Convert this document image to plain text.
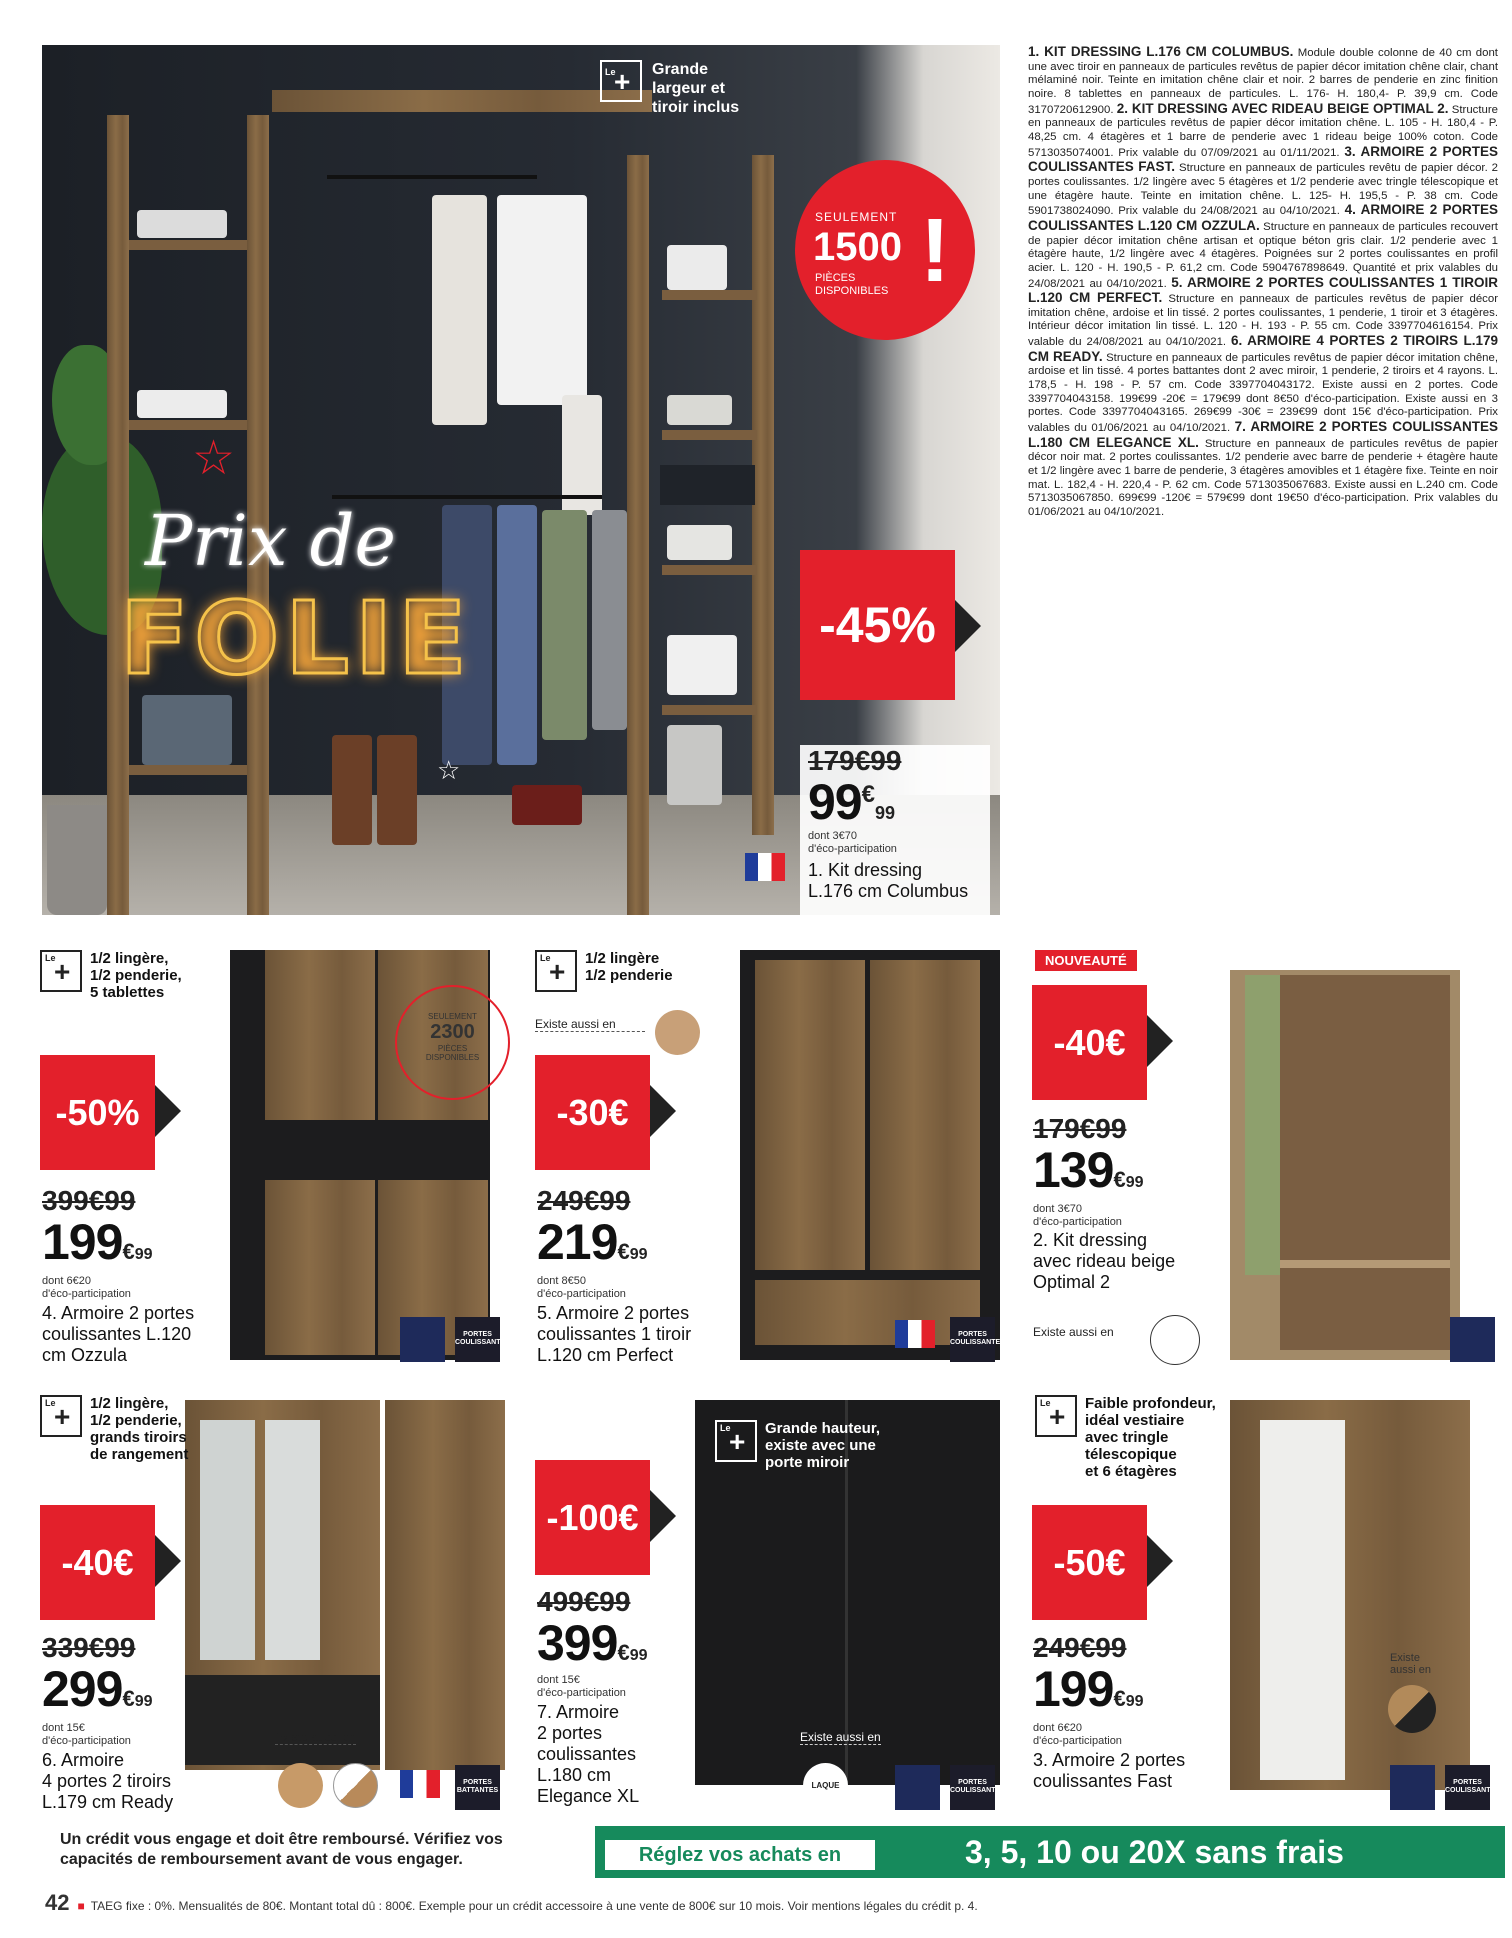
☆
☆
Prix de
FOLIE
Le
+ Grande
largeur et
tiroir inclus
SEULEMENT
1500
PIÈCES
DISPONIBLES !
-45%
179€99
99€99
dont 3€70
d'éco-participation
1. Kit dressing
L.176 cm Columbus
1. KIT DRESSING L.176 CM COLUMBUS. Module double colonne de 40 cm dont une avec tiroir en panneaux de particules revêtus de papier décor imitation chêne clair, chant mélaminé noir. Teinte en imitation chêne clair et noir. 2 barres de penderie en zinc finition noire. 8 tablettes en panneaux de particules. L. 176- H. 180,4- P. 39,9 cm. Code 3170720612900. 2. KIT DRESSING AVEC RIDEAU BEIGE OPTIMAL 2. Structure en panneaux de particules revêtus de papier décor imitation chêne. L. 105 - H. 180,4 - P. 48,25 cm. 4 étagères et 1 barre de penderie avec 1 rideau beige 100% coton. Code 5713035074001. Prix valable du 07/09/2021 au 01/11/2021. 3. ARMOIRE 2 PORTES COULISSANTES FAST. Structure en panneaux de particules revêtu de papier décor. 2 portes coulissantes. 1/2 lingère avec 5 étagères et 1/2 penderie avec tringle télescopique et une étagère haute. Teinte en imitation chêne. L. 125- H. 195,5 - P. 38 cm. Code 5901738024090. Prix valable du 24/08/2021 au 04/10/2021. 4. ARMOIRE 2 PORTES COULISSANTES L.120 CM OZZULA. Structure en panneaux de particules recouvert de papier décor imitation chêne artisan et optique béton gris clair. 1/2 penderie avec 1 étagère haute, 1/2 lingère avec 4 étagères. Poignées sur 2 portes coulissantes en profil acier. L. 120 - H. 190,5 - P. 61,2 cm. Code 5904767898649. Quantité et prix valables du 24/08/2021 au 04/10/2021. 5. ARMOIRE 2 PORTES COULISSANTES 1 TIROIR L.120 CM PERFECT. Structure en panneaux de particules revêtus de papier décor imitation chêne, ardoise et lin tissé. 2 portes coulissantes, 1 penderie, 1 tiroir et 3 étagères. Intérieur décor imitation lin tissé. L. 120 - H. 193 - P. 55 cm. Code 3397704616154. Prix valable du 24/08/2021 au 04/10/2021. 6. ARMOIRE 4 PORTES 2 TIROIRS L.179 CM READY. Structure en panneaux de particules revêtus de papier décor imitation chêne, ardoise et lin tissé. 4 portes battantes dont 2 avec miroir, 1 penderie, 2 tiroirs et 4 rayons. L. 178,5 - H. 198 - P. 57 cm. Code 3397704043172. Existe aussi en 2 portes. Code 3397704043158. 199€99 -20€ = 179€99 dont 8€50 d'éco-participation. Existe aussi en 3 portes. Code 3397704043165. 269€99 -30€ = 239€99 dont 15€ d'éco-participation. Prix valables du 01/06/2021 au 04/10/2021. 7. ARMOIRE 2 PORTES COULISSANTES L.180 CM ELEGANCE XL. Structure en panneaux de particules revêtus de papier décor noir mat. 2 portes coulissantes. 1/2 penderie avec barre de penderie + étagère haute et 1/2 lingère avec 1 barre de penderie, 3 étagères amovibles et 1 étagère fixe. Teinte en noir mat. L. 182,4 - H. 220,4 - P. 62 cm. Code 5713035067683. Existe aussi en L.240 cm. Code 5713035067850. 699€99 -120€ = 579€99 dont 19€50 d'éco-participation. Prix valables du 01/06/2021 au 04/10/2021.
Le
+ 1/2 lingère,
1/2 penderie,
5 tablettes
SEULEMENT
2300
PIÈCES
DISPONIBLES
-50%
399€99
199€99
dont 6€20
d'éco-participation
4. Armoire 2 portes
coulissantes L.120
cm Ozzula
PORTES COULISSANTES
Le
+ 1/2 lingère
1/2 penderie
Existe aussi en
-30€
249€99
219€99
dont 8€50
d'éco-participation
5. Armoire 2 portes
coulissantes 1 tiroir
L.120 cm Perfect
PORTES COULISSANTES
NOUVEAUTÉ
-40€
179€99
139€99
dont 3€70
d'éco-participation
2. Kit dressing
avec rideau beige
Optimal 2
Existe aussi en
Le
+ 1/2 lingère,
1/2 penderie,
grands tiroirs
de rangement
-40€
339€99
299€99
dont 15€
d'éco-participation
6. Armoire
4 portes 2 tiroirs
L.179 cm Ready
Existe aussi en
PORTES BATTANTES
Le
+ Grande hauteur,
existe avec une
porte miroir
-100€
499€99
399€99
dont 15€
d'éco-participation
7. Armoire
2 portes
coulissantes
L.180 cm
Elegance XL
Existe aussi en
LAQUE	PORTES COULISSANTES
Le
+ Faible profondeur,
idéal vestiaire
avec tringle
télescopique
et 6 étagères
-50€
249€99
199€99
dont 6€20
d'éco-participation
3. Armoire 2 portes
coulissantes Fast
Existe
aussi en
PORTES COULISSANTES
Un crédit vous engage et doit être remboursé. Vérifiez vos capacités de remboursement avant de vous engager.	Réglez vos achats en	3, 5, 10 ou 20X sans frais
42 ■ TAEG fixe : 0%. Mensualités de 80€. Montant total dû : 800€. Exemple pour un crédit accessoire à une vente de 800€ sur 10 mois. Voir mentions légales du crédit p. 4.
